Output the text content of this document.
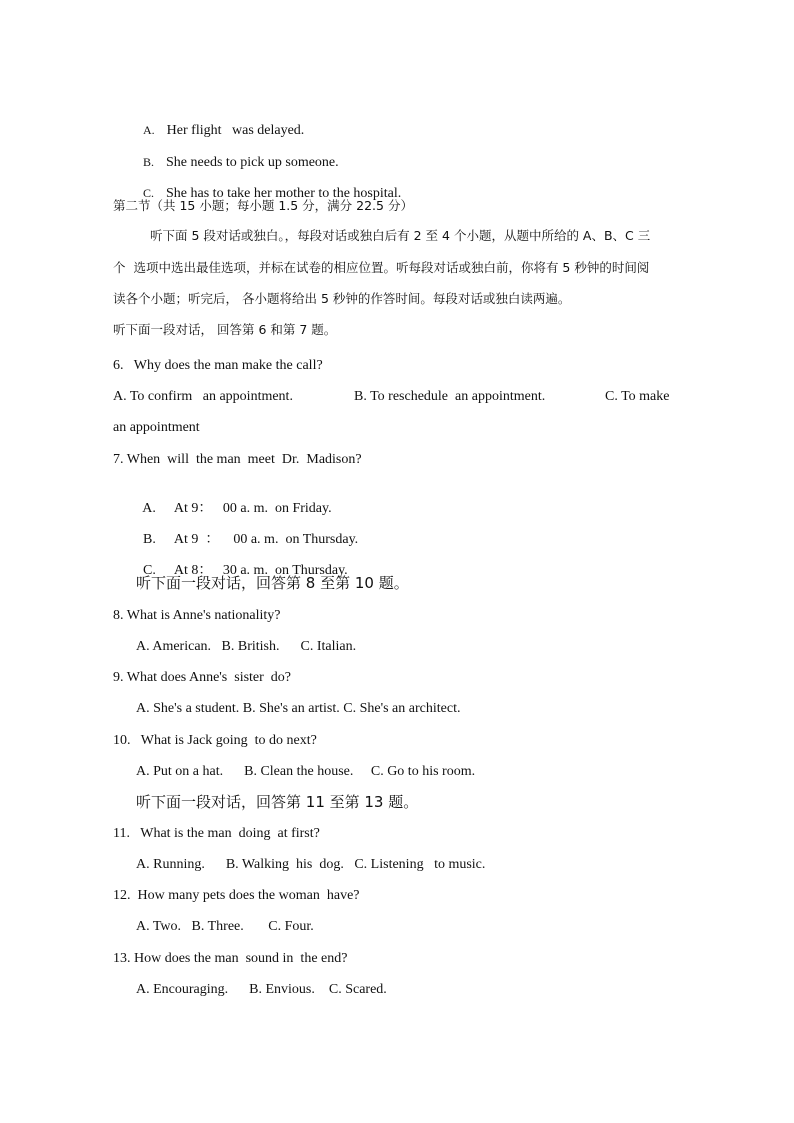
A. Her flight   was delayed.

B. She needs to pick up someone.

C. She has to take her mother to the hospital.

第二节（共 15 小题；每小题 1.5 分，满分 22.5 分）
听下面 5 段对话或独白。，每段对话或独白后有 2 至 4 个小题，从题中所给的 A、B、C 三
个  选项中选出最佳选项，并标在试卷的相应位置。听每段对话或独白前，你将有 5 秒钟的时间阅
读各个小题；听完后， 各小题将给出 5 秒钟的作答时间。每段对话或独白读两遍。
听下面一段对话， 回答第 6 和第 7 题。
6.   Why does the man make the call?
A. To confirm   an appointment.	B. To reschedule  an appointment.	C. To make
an appointment
7. When  will  the man  meet  Dr.  Madison?

A. At 9：   00 a. m.  on Friday.

B. At 9  ：    00 a. m.  on Thursday.

C. At 8：   30 a. m.  on Thursday.

听下面一段对话，回答第 8 至第 10 题。
8. What is Anne's nationality?
A. American.   B. British.      C. Italian.
9. What does Anne's  sister  do?
A. She's a student. B. She's an artist. C. She's an architect.
10.   What is Jack going  to do next?
A. Put on a hat.      B. Clean the house.     C. Go to his room.
听下面一段对话，回答第 11 至第 13 题。
11.   What is the man  doing  at first?
A. Running.      B. Walking  his  dog.   C. Listening   to music.
12.  How many pets does the woman  have?
A. Two.   B. Three.       C. Four.
13. How does the man  sound in  the end?
A. Encouraging.      B. Envious.    C. Scared.
